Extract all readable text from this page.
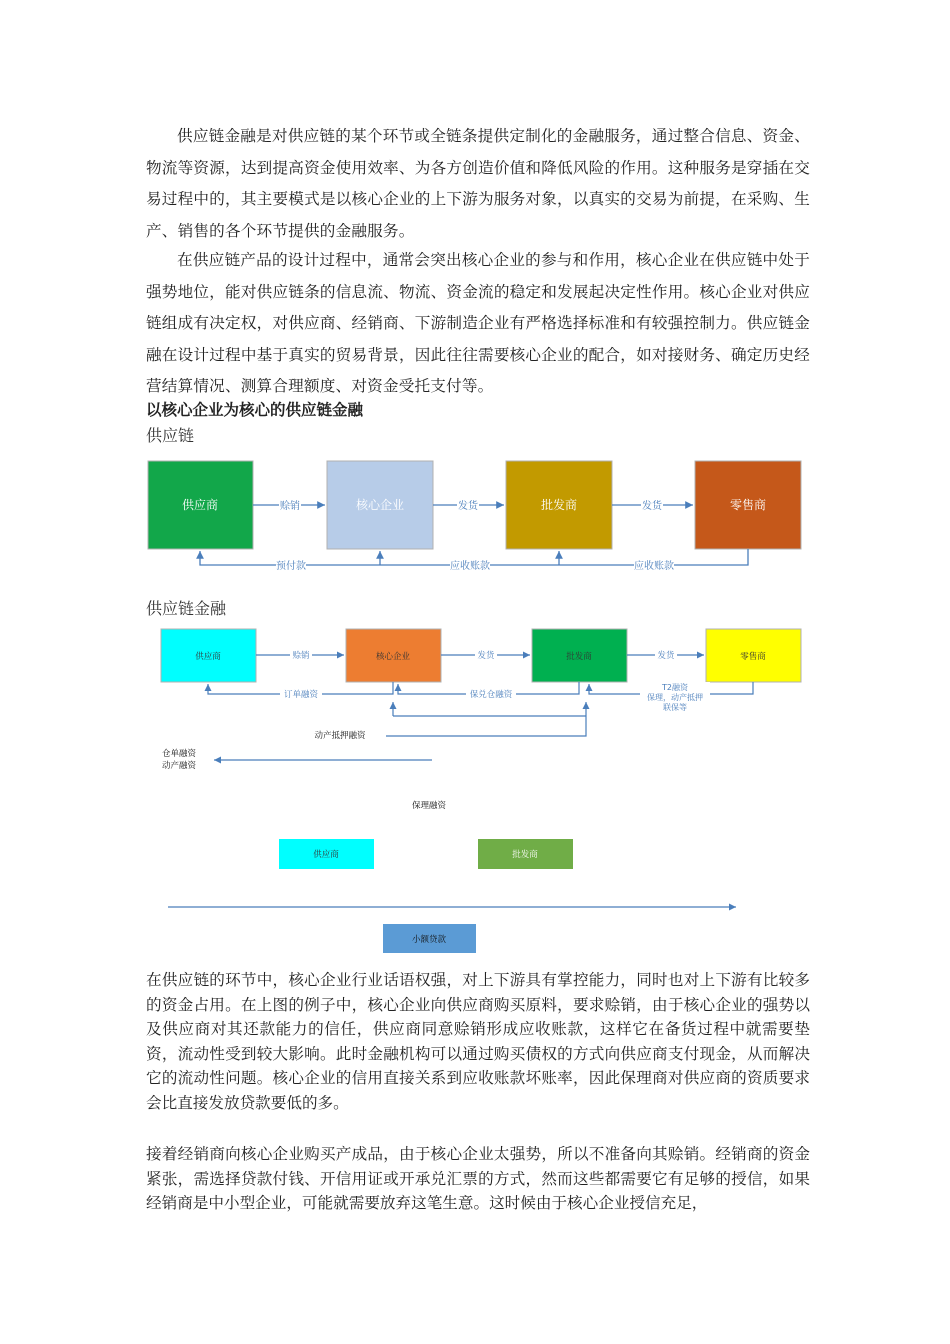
供应链金融是对供应链的某个环节或全链条提供定制化的金融服务，通过整合信息、资金、物流等资源，达到提高资金使用效率、为各方创造价值和降低风险的作用。这种服务是穿插在交易过程中的，其主要模式是以核心企业的上下游为服务对象，以真实的交易为前提，在采购、生产、销售的各个环节提供的金融服务。

在供应链产品的设计过程中，通常会突出核心企业的参与和作用，核心企业在供应链中处于强势地位，能对供应链条的信息流、物流、资金流的稳定和发展起决定性作用。核心企业对供应链组成有决定权，对供应商、经销商、下游制造企业有严格选择标准和有较强控制力。供应链金融在设计过程中基于真实的贸易背景，因此往往需要核心企业的配合，如对接财务、确定历史经营结算情况、测算合理额度、对资金受托支付等。

以核心企业为核心的供应链金融
供应链
供应商	核心企业	批发商	零售商
赊销	发货	发货
预付款	应收账款	应收账款
供应链金融
供应商	核心企业	批发商	零售商
赊销	发货	发货
订单融资	保兑仓融资
T2融资
保理，动产抵押
联保等
动产抵押融资
仓单融资
动产融资
保理融资
供应商	批发商
小额贷款

在供应链的环节中，核心企业行业话语权强，对上下游具有掌控能力，同时也对上下游有比较多的资金占用。在上图的例子中，核心企业向供应商购买原料，要求赊销，由于核心企业的强势以及供应商对其还款能力的信任，供应商同意赊销形成应收账款，这样它在备货过程中就需要垫资，流动性受到较大影响。此时金融机构可以通过购买债权的方式向供应商支付现金，从而解决它的流动性问题。核心企业的信用直接关系到应收账款坏账率，因此保理商对供应商的资质要求会比直接发放贷款要低的多。

接着经销商向核心企业购买产成品，由于核心企业太强势，所以不准备向其赊销。经销商的资金紧张，需选择贷款付钱、开信用证或开承兑汇票的方式，然而这些都需要它有足够的授信，如果经销商是中小型企业，可能就需要放弃这笔生意。这时候由于核心企业授信充足，
